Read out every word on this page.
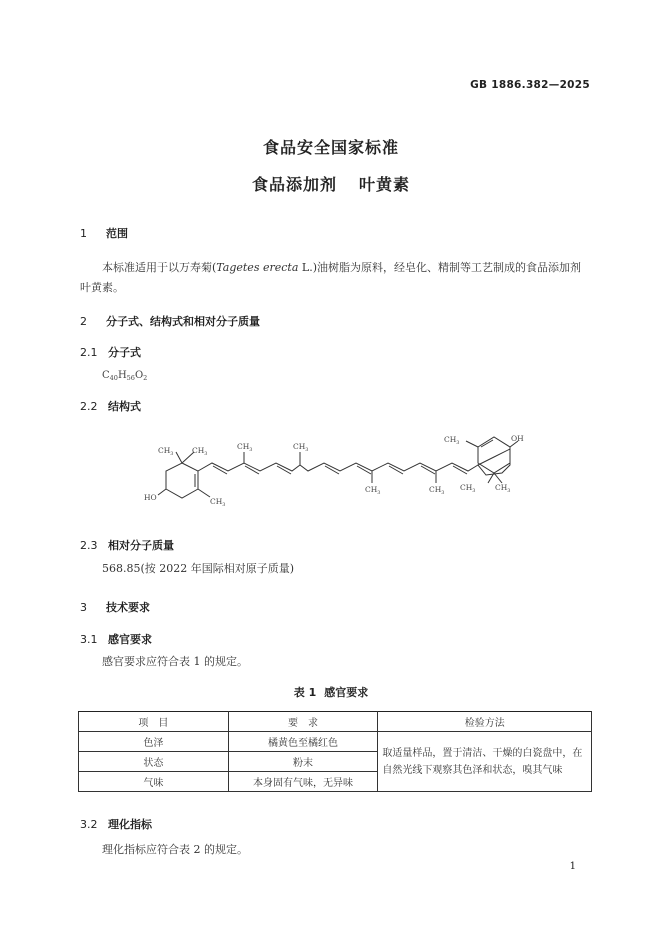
GB 1886.382—2025
食品安全国家标准
食品添加剂 叶黄素
1 范围
本标准适用于以万寿菊(Tagetes erecta L.)油树脂为原料，经皂化、精制等工艺制成的食品添加剂
叶黄素。
2 分子式、结构式和相对分子质量
2.1 分子式
$C_{40}H_{56}O_2$
2.2 结构式
$CH_3$ $CH_3$
$CH_3$
HO
$CH_3$	$CH_3$
$CH_3$	$CH_3$
$CH_3$	OH
$CH_3$	$CH_3$
2.3 相对分子质量
568.85(按 2022 年国际相对原子质量)
3 技术要求
3.1 感官要求
感官要求应符合表 1 的规定。
表 1 感官要求
项　目	要　求	检验方法
色泽	橘黄色至橘红色	取适量样品，置于清洁、干燥的白瓷盘中，在自然光线下观察其色泽和状态，嗅其气味
状态	粉末	
气味	本身固有气味，无异味	
3.2 理化指标
理化指标应符合表 2 的规定。
1
